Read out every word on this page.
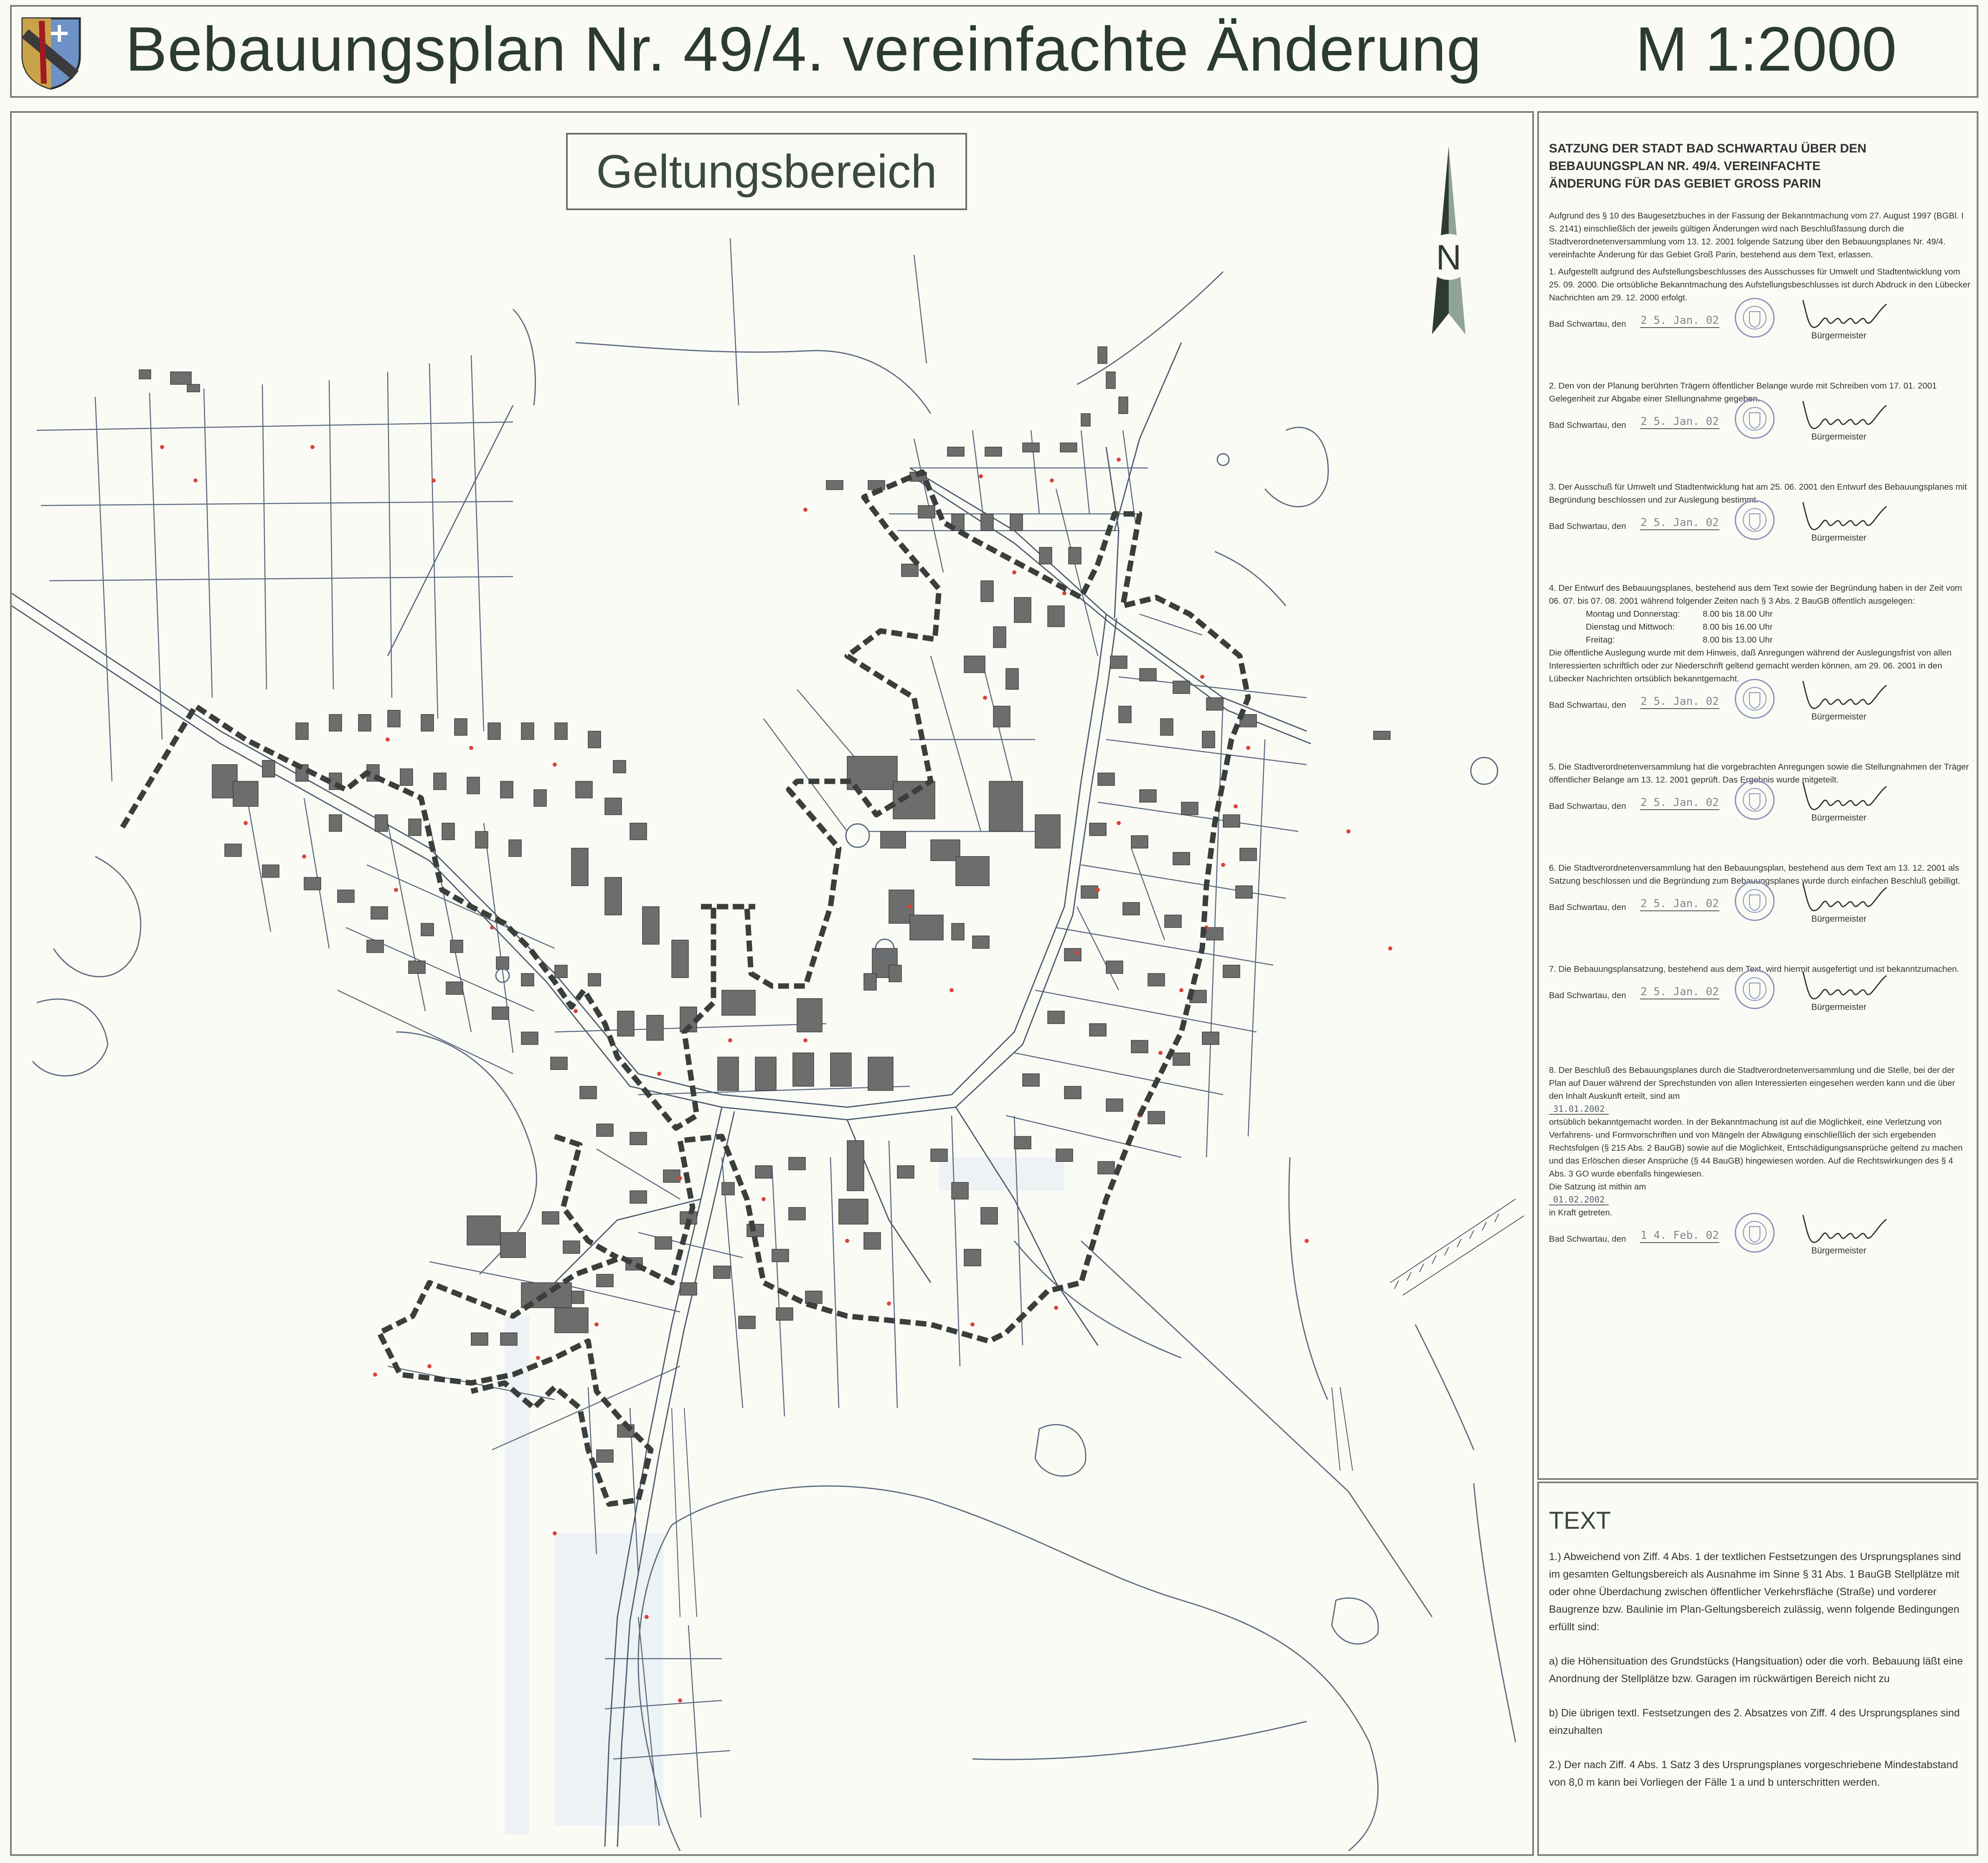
Bebauungsplan Nr. 49/4. vereinfachte Änderung M 1:2000
N
Geltungsbereich	SATZUNG DER STADT BAD SCHWARTAU ÜBER DEN BEBAUUNGSPLAN NR. 49/4. VEREINFACHTE ÄNDERUNG FÜR DAS GEBIET GROSS PARIN

Aufgrund des § 10 des Baugesetzbuches in der Fassung der Bekanntmachung vom 27. August 1997 (BGBl. I S. 2141) einschließlich der jeweils gültigen Änderungen wird nach Beschlußfassung durch die Stadtverordnetenversammlung vom 13. 12. 2001 folgende Satzung über den Bebauungsplanes Nr. 49/4. vereinfachte Änderung für das Gebiet Groß Parin, bestehend aus dem Text, erlassen.

1. Aufgestellt aufgrund des Aufstellungsbeschlusses des Ausschusses für Umwelt und Stadtentwicklung vom 25. 09. 2000. Die ortsübliche Bekanntmachung des Aufstellungsbeschlusses ist durch Abdruck in den Lübecker Nachrichten am 29. 12. 2000 erfolgt.

Bad Schwartau, den 2 5. Jan. 02
Bürgermeister

2. Den von der Planung berührten Trägern öffentlicher Belange wurde mit Schreiben vom 17. 01. 2001 Gelegenheit zur Abgabe einer Stellungnahme gegeben.

Bad Schwartau, den 2 5. Jan. 02
Bürgermeister

3. Der Ausschuß für Umwelt und Stadtentwicklung hat am 25. 06. 2001 den Entwurf des Bebauungsplanes mit Begründung beschlossen und zur Auslegung bestimmt.

Bad Schwartau, den 2 5. Jan. 02
Bürgermeister

4. Der Entwurf des Bebauungsplanes, bestehend aus dem Text sowie der Begründung haben in der Zeit vom 06. 07. bis 07. 08. 2001 während folgender Zeiten nach § 3 Abs. 2 BauGB öffentlich ausgelegen:

Montag und Donnerstag:	8.00 bis 18.00 Uhr
Dienstag und Mittwoch:	8.00 bis 16.00 Uhr
Freitag:	8.00 bis 13.00 Uhr

Die öffentliche Auslegung wurde mit dem Hinweis, daß Anregungen während der Auslegungsfrist von allen Interessierten schriftlich oder zur Niederschrift geltend gemacht werden können, am 29. 06. 2001 in den Lübecker Nachrichten ortsüblich bekanntgemacht.

Bad Schwartau, den 2 5. Jan. 02
Bürgermeister

5. Die Stadtverordnetenversammlung hat die vorgebrachten Anregungen sowie die Stellungnahmen der Träger öffentlicher Belange am 13. 12. 2001 geprüft. Das Ergebnis wurde mitgeteilt.

Bad Schwartau, den 2 5. Jan. 02
Bürgermeister

6. Die Stadtverordnetenversammlung hat den Bebauungsplan, bestehend aus dem Text am 13. 12. 2001 als Satzung beschlossen und die Begründung zum Bebauungsplanes wurde durch einfachen Beschluß gebilligt.

Bad Schwartau, den 2 5. Jan. 02
Bürgermeister

7. Die Bebauungsplansatzung, bestehend aus dem Text, wird hiermit ausgefertigt und ist bekanntzumachen.

Bad Schwartau, den 2 5. Jan. 02
Bürgermeister

8. Der Beschluß des Bebauungsplanes durch die Stadtverordnetenversammlung und die Stelle, bei der der Plan auf Dauer während der Sprechstunden von allen Interessierten eingesehen werden kann und die über den Inhalt Auskunft erteilt, sind am
31.01.2002
ortsüblich bekanntgemacht worden. In der Bekanntmachung ist auf die Möglichkeit, eine Verletzung von Verfahrens- und Formvorschriften und von Mängeln der Abwägung einschließlich der sich ergebenden Rechtsfolgen (§ 215 Abs. 2 BauGB) sowie auf die Möglichkeit, Entschädigungsansprüche geltend zu machen und das Erlöschen dieser Ansprüche (§ 44 BauGB) hingewiesen worden. Auf die Rechtswirkungen des § 4 Abs. 3 GO wurde ebenfalls hingewiesen.
Die Satzung ist mithin am
01.02.2002
in Kraft getreten.

Bad Schwartau, den 1 4. Feb. 02
Bürgermeister
TEXT

1.) Abweichend von Ziff. 4 Abs. 1 der textlichen Festsetzungen des Ursprungsplanes sind im gesamten Geltungsbereich als Ausnahme im Sinne § 31 Abs. 1 BauGB Stellplätze mit oder ohne Überdachung zwischen öffentlicher Verkehrsfläche (Straße) und vorderer Baugrenze bzw. Baulinie im Plan-Geltungsbereich zulässig, wenn folgende Bedingungen erfüllt sind:

a) die Höhensituation des Grundstücks (Hangsituation) oder die vorh. Bebauung läßt eine Anordnung der Stellplätze bzw. Garagen im rückwärtigen Bereich nicht zu

b) Die übrigen textl. Festsetzungen des 2. Absatzes von Ziff. 4 des Ursprungsplanes sind einzuhalten

2.) Der nach Ziff. 4 Abs. 1 Satz 3 des Ursprungsplanes vorgeschriebene Mindestabstand von 8,0 m kann bei Vorliegen der Fälle 1 a und b unterschritten werden.
